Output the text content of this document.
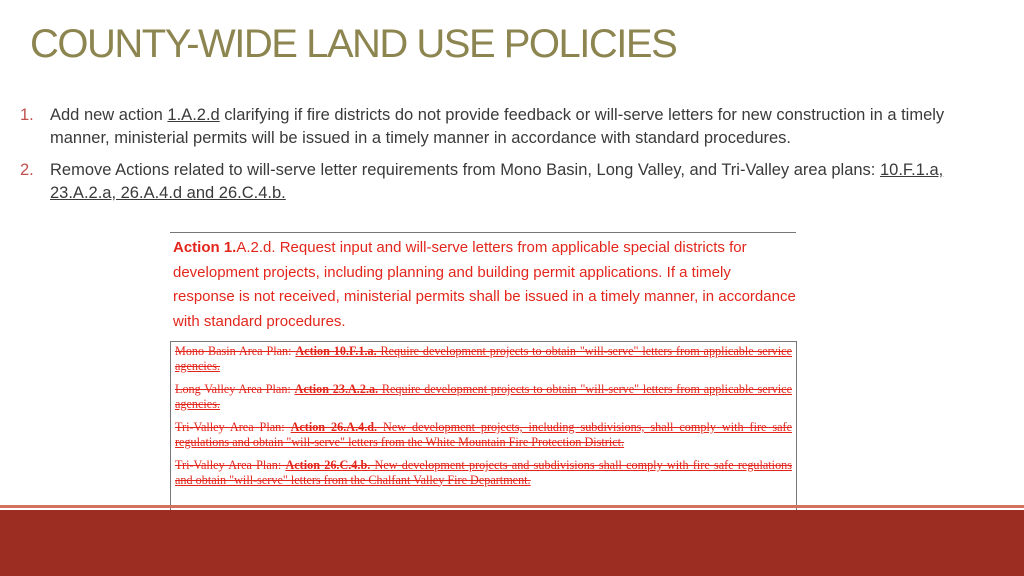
COUNTY-WIDE LAND USE POLICIES
1. Add new action 1.A.2.d clarifying if fire districts do not provide feedback or will-serve letters for new construction in a timely manner, ministerial permits will be issued in a timely manner in accordance with standard procedures.
2. Remove Actions related to will-serve letter requirements from Mono Basin, Long Valley, and Tri-Valley area plans: 10.F.1.a, 23.A.2.a, 26.A.4.d and 26.C.4.b.

Action 1.A.2.d. Request input and will-serve letters from applicable special districts for development projects, including planning and building permit applications. If a timely response is not received, ministerial permits shall be issued in a timely manner, in accordance with standard procedures.

Mono Basin Area Plan: Action 10.F.1.a. Require development projects to obtain "will-serve" letters from applicable service agencies.

Long Valley Area Plan: Action 23.A.2.a. Require development projects to obtain "will-serve" letters from applicable service agencies.

Tri-Valley Area Plan: Action 26.A.4.d. New development projects, including subdivisions, shall comply with fire safe regulations and obtain "will-serve" letters from the White Mountain Fire Protection District.

Tri-Valley Area Plan: Action 26.C.4.b. New development projects and subdivisions shall comply with fire safe regulations and obtain "will-serve" letters from the Chalfant Valley Fire Department.
